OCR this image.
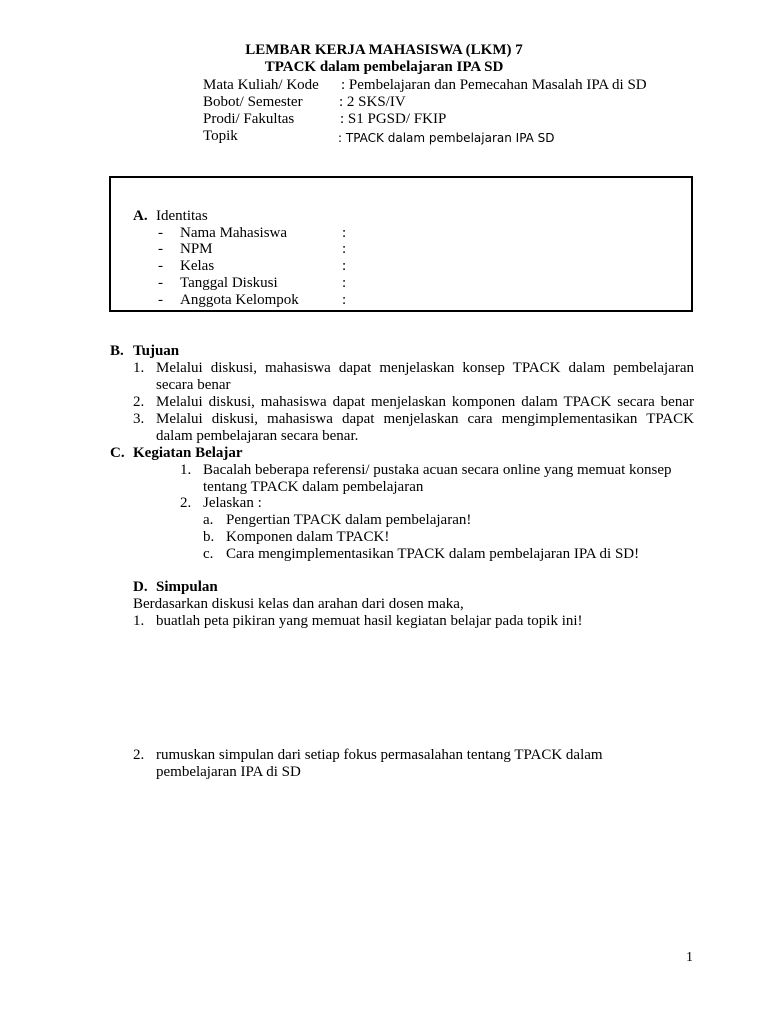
LEMBAR KERJA MAHASISWA (LKM) 7
TPACK dalam pembelajaran IPA SD
Mata Kuliah/ Kode : Pembelajaran dan Pemecahan Masalah IPA di SD
Bobot/ Semester : 2 SKS/IV
Prodi/ Fakultas	: S1 PGSD/ FKIP
Topik	: TPACK dalam pembelajaran IPA SD
A. Identitas
- Nama Mahasiswa	:
- NPM	:
- Kelas	:
- Tanggal Diskusi	:
- Anggota Kelompok	:
B. Tujuan
1. Melalui diskusi, mahasiswa dapat menjelaskan konsep TPACK dalam pembelajaran
secara benar
2. Melalui diskusi, mahasiswa dapat menjelaskan komponen dalam TPACK secara benar
3. Melalui diskusi, mahasiswa dapat menjelaskan cara mengimplementasikan TPACK
dalam pembelajaran secara benar.
C. Kegiatan Belajar
1. Bacalah beberapa referensi/ pustaka acuan secara online yang memuat konsep
tentang TPACK dalam pembelajaran
2. Jelaskan :
a. Pengertian TPACK dalam pembelajaran!
b. Komponen dalam TPACK!
c. Cara mengimplementasikan TPACK dalam pembelajaran IPA di SD!
D. Simpulan
Berdasarkan diskusi kelas dan arahan dari dosen maka,
1. buatlah peta pikiran yang memuat hasil kegiatan belajar pada topik ini!
2. rumuskan simpulan dari setiap fokus permasalahan tentang TPACK dalam
pembelajaran IPA di SD
1
